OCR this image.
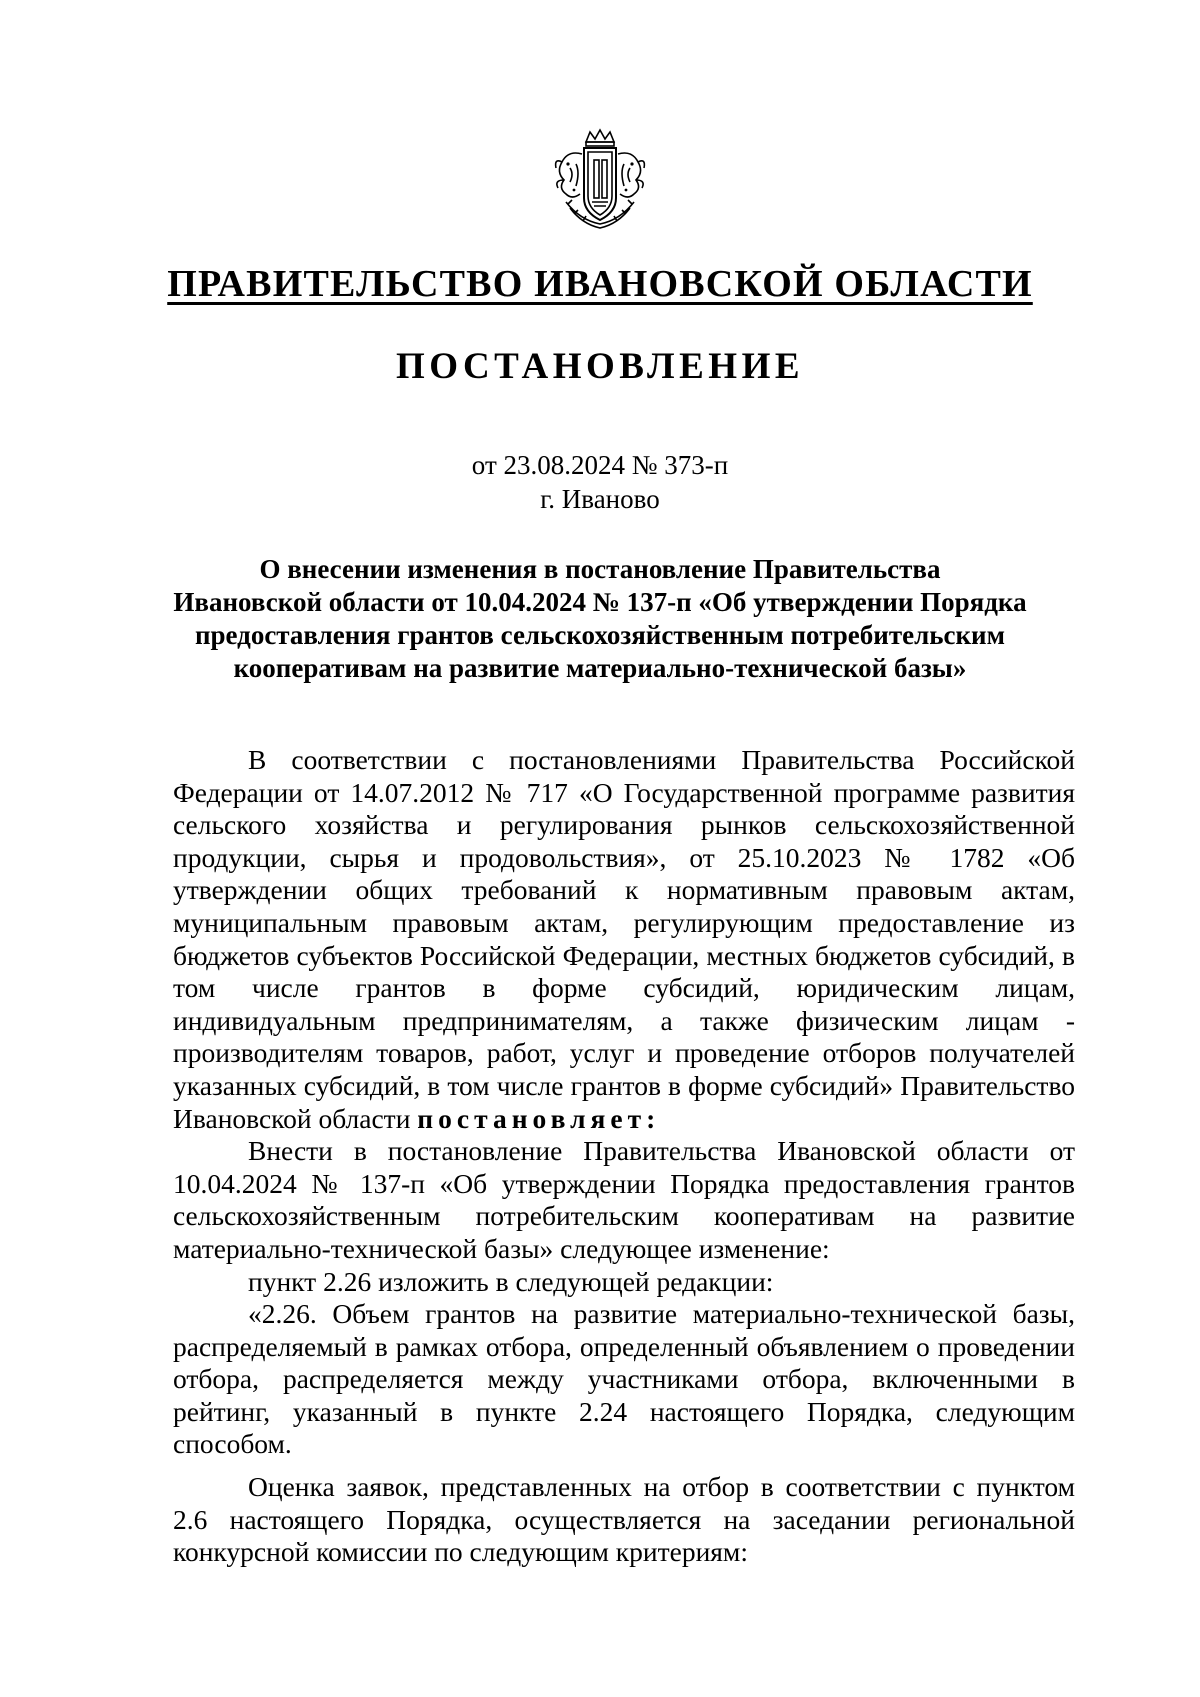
ПРАВИТЕЛЬСТВО ИВАНОВСКОЙ ОБЛАСТИ
ПОСТАНОВЛЕНИЕ
от 23.08.2024 № 373-п
г. Иваново
О внесении изменения в постановление Правительства
Ивановской области от 10.04.2024 № 137-п «Об утверждении Порядка
предоставления грантов сельскохозяйственным потребительским
кооперативам на развитие материально-технической базы»

В соответствии с постановлениями Правительства Российской Федерации от 14.07.2012 № 717 «О Государственной программе развития сельского хозяйства и регулирования рынков сельскохозяйственной продукции, сырья и продовольствия», от 25.10.2023 № 1782 «Об утверждении общих требований к нормативным правовым актам, муниципальным правовым актам, регулирующим предоставление из бюджетов субъектов Российской Федерации, местных бюджетов субсидий, в том числе грантов в форме субсидий, юридическим лицам, индивидуальным предпринимателям, а также физическим лицам - производителям товаров, работ, услуг и проведение отборов получателей указанных субсидий, в том числе грантов в форме субсидий» Правительство Ивановской области постановляет:

Внести в постановление Правительства Ивановской области от 10.04.2024 № 137-п «Об утверждении Порядка предоставления грантов сельскохозяйственным потребительским кооперативам на развитие материально-технической базы» следующее изменение:

пункт 2.26 изложить в следующей редакции:

«2.26. Объем грантов на развитие материально-технической базы, распределяемый в рамках отбора, определенный объявлением о проведении отбора, распределяется между участниками отбора, включенными в рейтинг, указанный в пункте 2.24 настоящего Порядка, следующим способом.

Оценка заявок, представленных на отбор в соответствии с пунктом 2.6 настоящего Порядка, осуществляется на заседании региональной конкурсной комиссии по следующим критериям:
